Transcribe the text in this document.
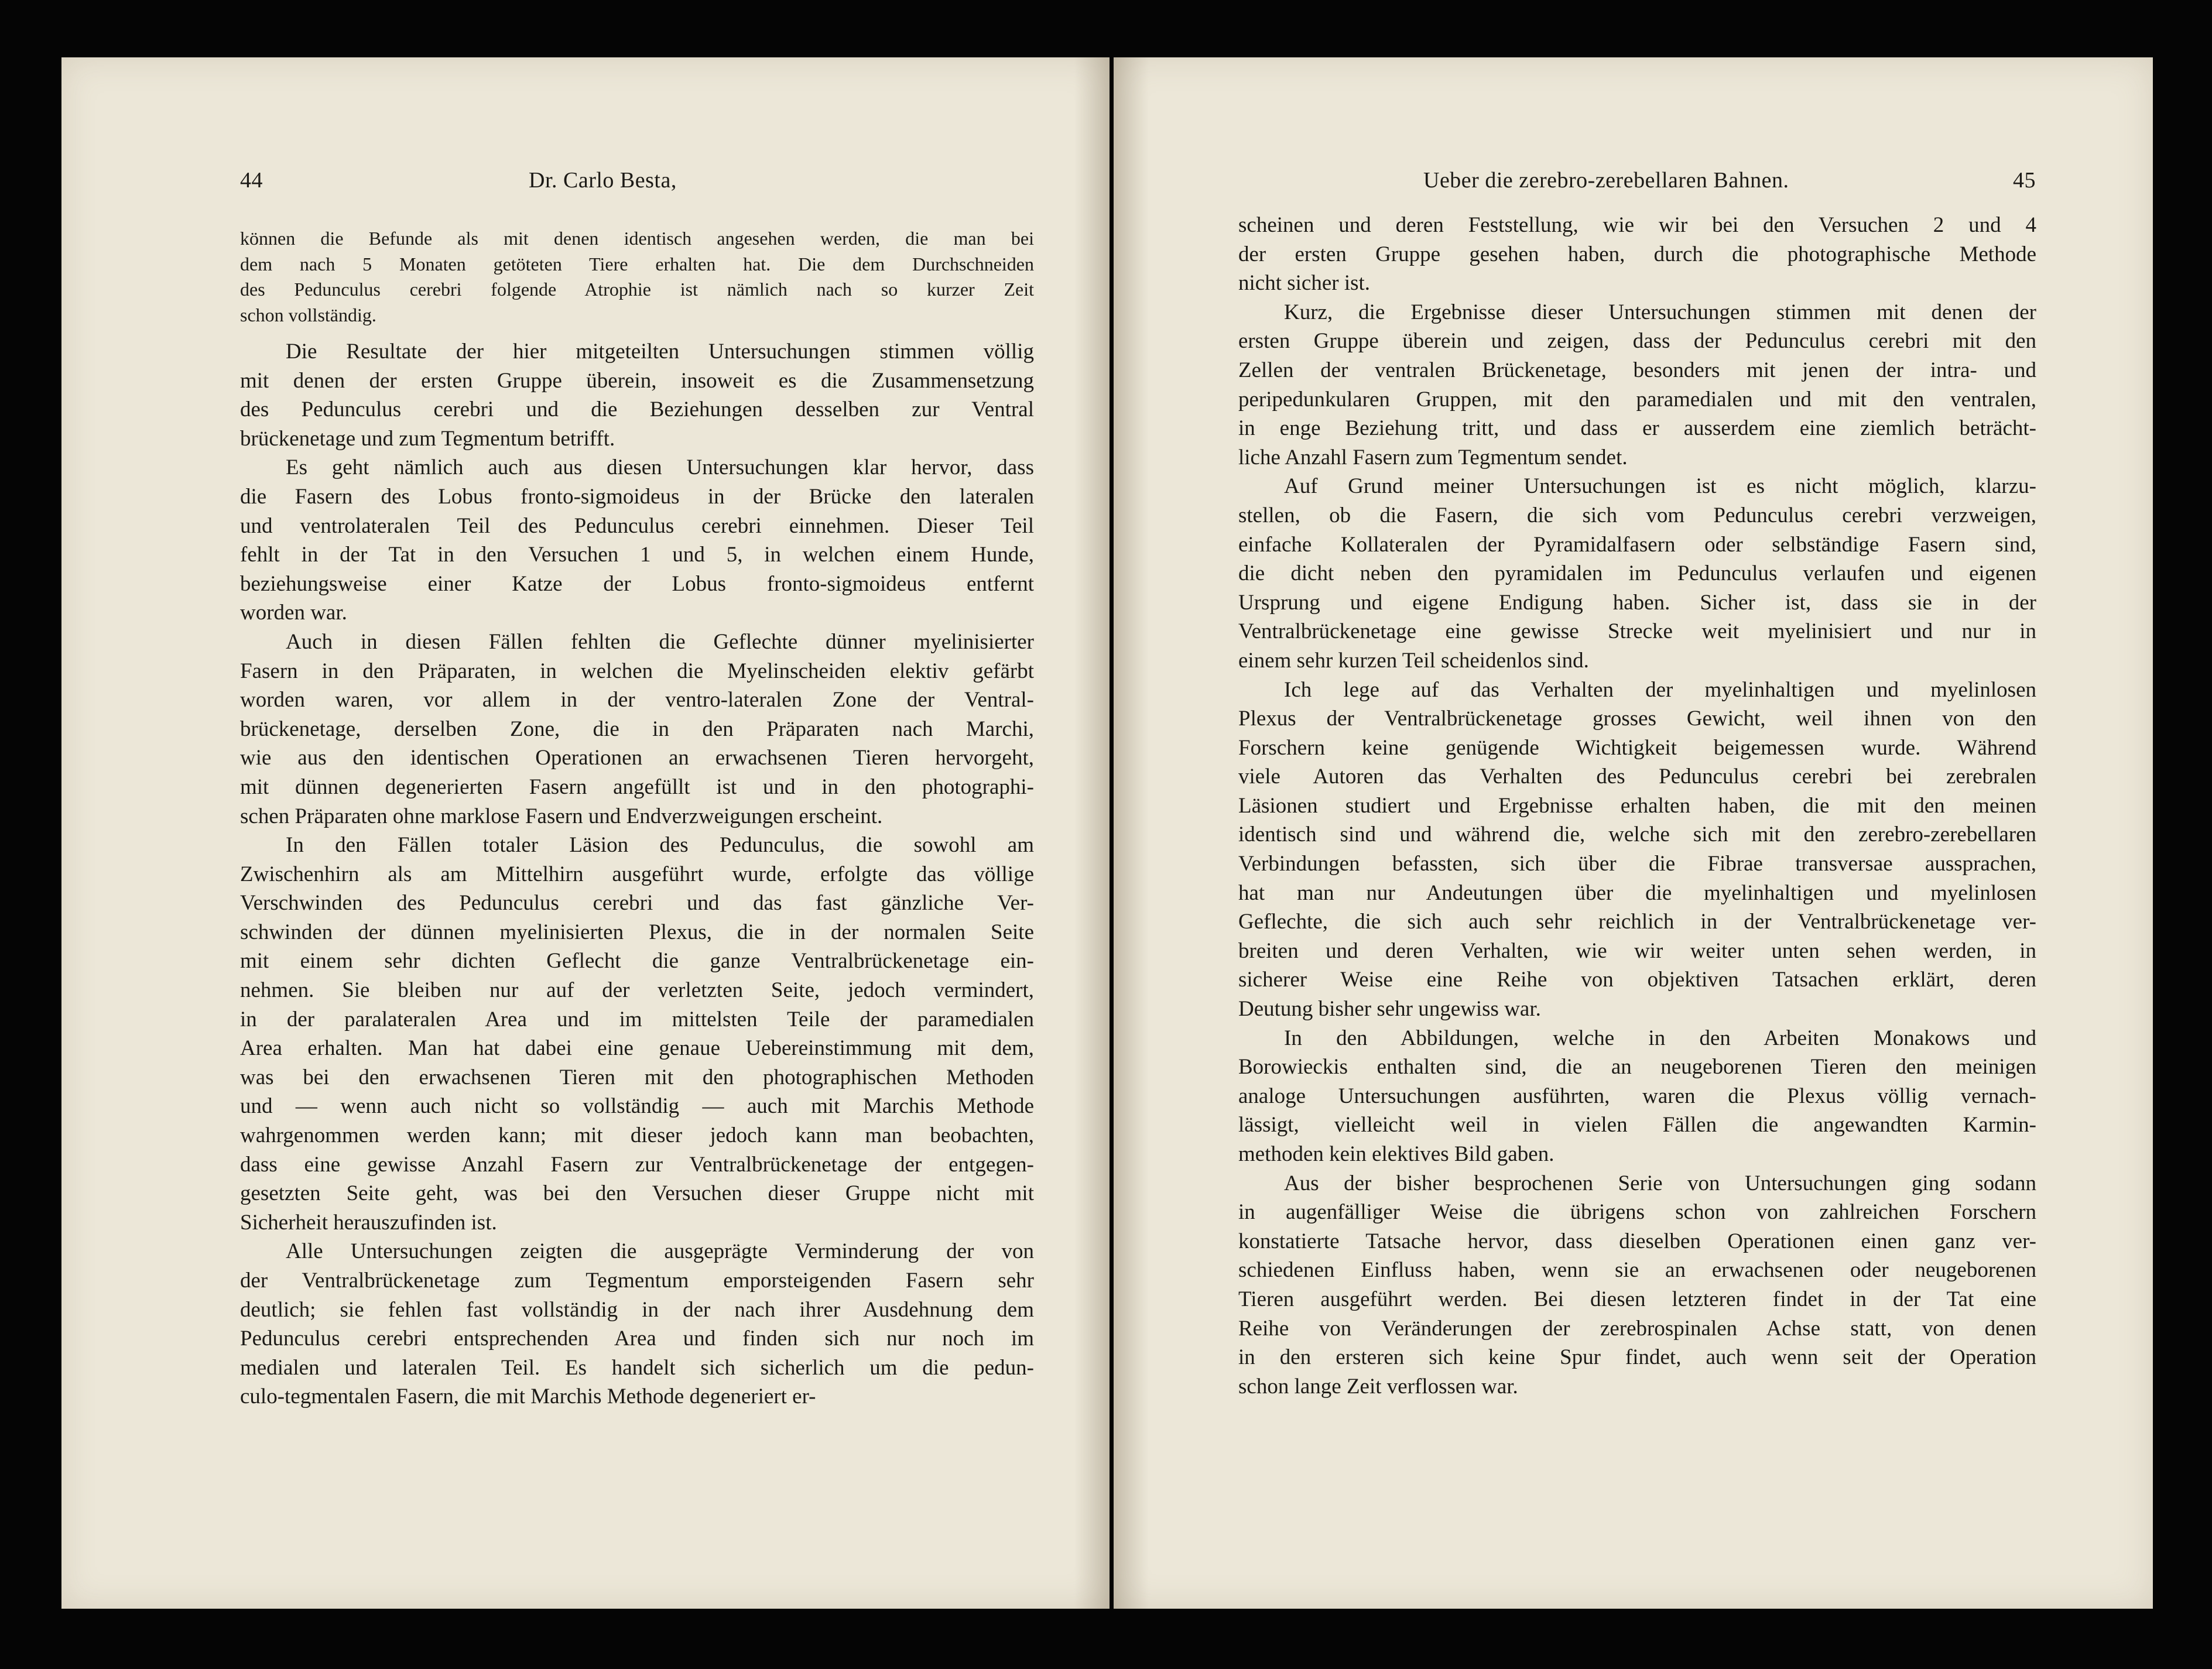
44	Dr. Carlo Besta,
können die Befunde als mit denen identisch angesehen werden, die man bei
dem nach 5 Monaten getöteten Tiere erhalten hat. Die dem Durchschneiden
des Pedunculus cerebri folgende Atrophie ist nämlich nach so kurzer Zeit
schon vollständig.
Die Resultate der hier mitgeteilten Untersuchungen stimmen völlig
mit denen der ersten Gruppe überein, insoweit es die Zusammensetzung
des Pedunculus cerebri und die Beziehungen desselben zur Ventral
brückenetage und zum Tegmentum betrifft.
Es geht nämlich auch aus diesen Untersuchungen klar hervor, dass
die Fasern des Lobus fronto-sigmoideus in der Brücke den lateralen
und ventrolateralen Teil des Pedunculus cerebri einnehmen. Dieser Teil
fehlt in der Tat in den Versuchen 1 und 5, in welchen einem Hunde,
beziehungsweise einer Katze der Lobus fronto-sigmoideus entfernt
worden war.
Auch in diesen Fällen fehlten die Geflechte dünner myelinisierter
Fasern in den Präparaten, in welchen die Myelinscheiden elektiv gefärbt
worden waren, vor allem in der ventro-lateralen Zone der Ventral-
brückenetage, derselben Zone, die in den Präparaten nach Marchi,
wie aus den identischen Operationen an erwachsenen Tieren hervorgeht,
mit dünnen degenerierten Fasern angefüllt ist und in den photographi-
schen Präparaten ohne marklose Fasern und Endverzweigungen erscheint.
In den Fällen totaler Läsion des Pedunculus, die sowohl am
Zwischenhirn als am Mittelhirn ausgeführt wurde, erfolgte das völlige
Verschwinden des Pedunculus cerebri und das fast gänzliche Ver-
schwinden der dünnen myelinisierten Plexus, die in der normalen Seite
mit einem sehr dichten Geflecht die ganze Ventralbrückenetage ein-
nehmen. Sie bleiben nur auf der verletzten Seite, jedoch vermindert,
in der paralateralen Area und im mittelsten Teile der paramedialen
Area erhalten. Man hat dabei eine genaue Uebereinstimmung mit dem,
was bei den erwachsenen Tieren mit den photographischen Methoden
und — wenn auch nicht so vollständig — auch mit Marchis Methode
wahrgenommen werden kann; mit dieser jedoch kann man beobachten,
dass eine gewisse Anzahl Fasern zur Ventralbrückenetage der entgegen-
gesetzten Seite geht, was bei den Versuchen dieser Gruppe nicht mit
Sicherheit herauszufinden ist.
Alle Untersuchungen zeigten die ausgeprägte Verminderung der von
der Ventralbrückenetage zum Tegmentum emporsteigenden Fasern sehr
deutlich; sie fehlen fast vollständig in der nach ihrer Ausdehnung dem
Pedunculus cerebri entsprechenden Area und finden sich nur noch im
medialen und lateralen Teil. Es handelt sich sicherlich um die pedun-
culo-tegmentalen Fasern, die mit Marchis Methode degeneriert er-
Ueber die zerebro-zerebellaren Bahnen.	45
scheinen und deren Feststellung, wie wir bei den Versuchen 2 und 4
der ersten Gruppe gesehen haben, durch die photographische Methode
nicht sicher ist.
Kurz, die Ergebnisse dieser Untersuchungen stimmen mit denen der
ersten Gruppe überein und zeigen, dass der Pedunculus cerebri mit den
Zellen der ventralen Brückenetage, besonders mit jenen der intra- und
peripedunkularen Gruppen, mit den paramedialen und mit den ventralen,
in enge Beziehung tritt, und dass er ausserdem eine ziemlich beträcht-
liche Anzahl Fasern zum Tegmentum sendet.
Auf Grund meiner Untersuchungen ist es nicht möglich, klarzu-
stellen, ob die Fasern, die sich vom Pedunculus cerebri verzweigen,
einfache Kollateralen der Pyramidalfasern oder selbständige Fasern sind,
die dicht neben den pyramidalen im Pedunculus verlaufen und eigenen
Ursprung und eigene Endigung haben. Sicher ist, dass sie in der
Ventralbrückenetage eine gewisse Strecke weit myelinisiert und nur in
einem sehr kurzen Teil scheidenlos sind.
Ich lege auf das Verhalten der myelinhaltigen und myelinlosen
Plexus der Ventralbrückenetage grosses Gewicht, weil ihnen von den
Forschern keine genügende Wichtigkeit beigemessen wurde. Während
viele Autoren das Verhalten des Pedunculus cerebri bei zerebralen
Läsionen studiert und Ergebnisse erhalten haben, die mit den meinen
identisch sind und während die, welche sich mit den zerebro-zerebellaren
Verbindungen befassten, sich über die Fibrae transversae aussprachen,
hat man nur Andeutungen über die myelinhaltigen und myelinlosen
Geflechte, die sich auch sehr reichlich in der Ventralbrückenetage ver-
breiten und deren Verhalten, wie wir weiter unten sehen werden, in
sicherer Weise eine Reihe von objektiven Tatsachen erklärt, deren
Deutung bisher sehr ungewiss war.
In den Abbildungen, welche in den Arbeiten Monakows und
Borowieckis enthalten sind, die an neugeborenen Tieren den meinigen
analoge Untersuchungen ausführten, waren die Plexus völlig vernach-
lässigt, vielleicht weil in vielen Fällen die angewandten Karmin-
methoden kein elektives Bild gaben.
Aus der bisher besprochenen Serie von Untersuchungen ging sodann
in augenfälliger Weise die übrigens schon von zahlreichen Forschern
konstatierte Tatsache hervor, dass dieselben Operationen einen ganz ver-
schiedenen Einfluss haben, wenn sie an erwachsenen oder neugeborenen
Tieren ausgeführt werden. Bei diesen letzteren findet in der Tat eine
Reihe von Veränderungen der zerebrospinalen Achse statt, von denen
in den ersteren sich keine Spur findet, auch wenn seit der Operation
schon lange Zeit verflossen war.
